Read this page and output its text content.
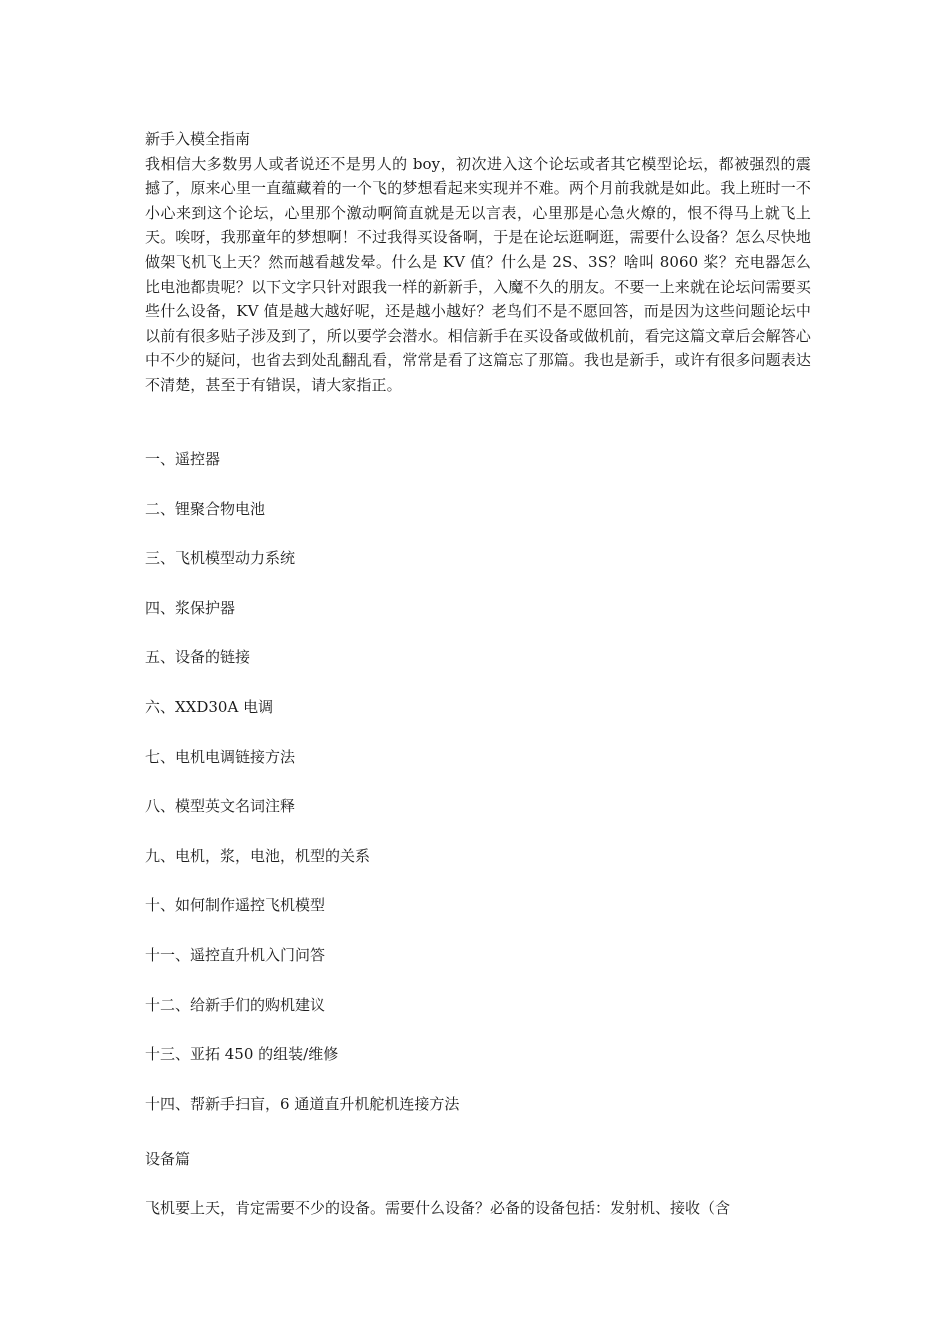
新手入模全指南

我相信大多数男人或者说还不是男人的 boy，初次进入这个论坛或者其它模型论坛，都被强烈的震撼了，原来心里一直蕴藏着的一个飞的梦想看起来实现并不难。两个月前我就是如此。我上班时一不小心来到这个论坛，心里那个激动啊简直就是无以言表，心里那是心急火燎的，恨不得马上就飞上天。唉呀，我那童年的梦想啊！不过我得买设备啊，于是在论坛逛啊逛，需要什么设备？怎么尽快地做架飞机飞上天？然而越看越发晕。什么是 KV 值？什么是 2S、3S？啥叫 8060 桨？充电器怎么比电池都贵呢？以下文字只针对跟我一样的新新手，入魔不久的朋友。不要一上来就在论坛问需要买些什么设备，KV 值是越大越好呢，还是越小越好？老鸟们不是不愿回答，而是因为这些问题论坛中以前有很多贴子涉及到了，所以要学会潜水。相信新手在买设备或做机前，看完这篇文章后会解答心中不少的疑问，也省去到处乱翻乱看，常常是看了这篇忘了那篇。我也是新手，或许有很多问题表达不清楚，甚至于有错误，请大家指正。

一、遥控器
二、锂聚合物电池
三、飞机模型动力系统
四、浆保护器
五、设备的链接
六、XXD30A 电调
七、电机电调链接方法
八、模型英文名词注释
九、电机，浆，电池，机型的关系
十、如何制作遥控飞机模型
十一、遥控直升机入门问答
十二、给新手们的购机建议
十三、亚拓 450 的组装/维修
十四、帮新手扫盲，6 通道直升机舵机连接方法
设备篇

飞机要上天，肯定需要不少的设备。需要什么设备？必备的设备包括：发射机、接收（含
